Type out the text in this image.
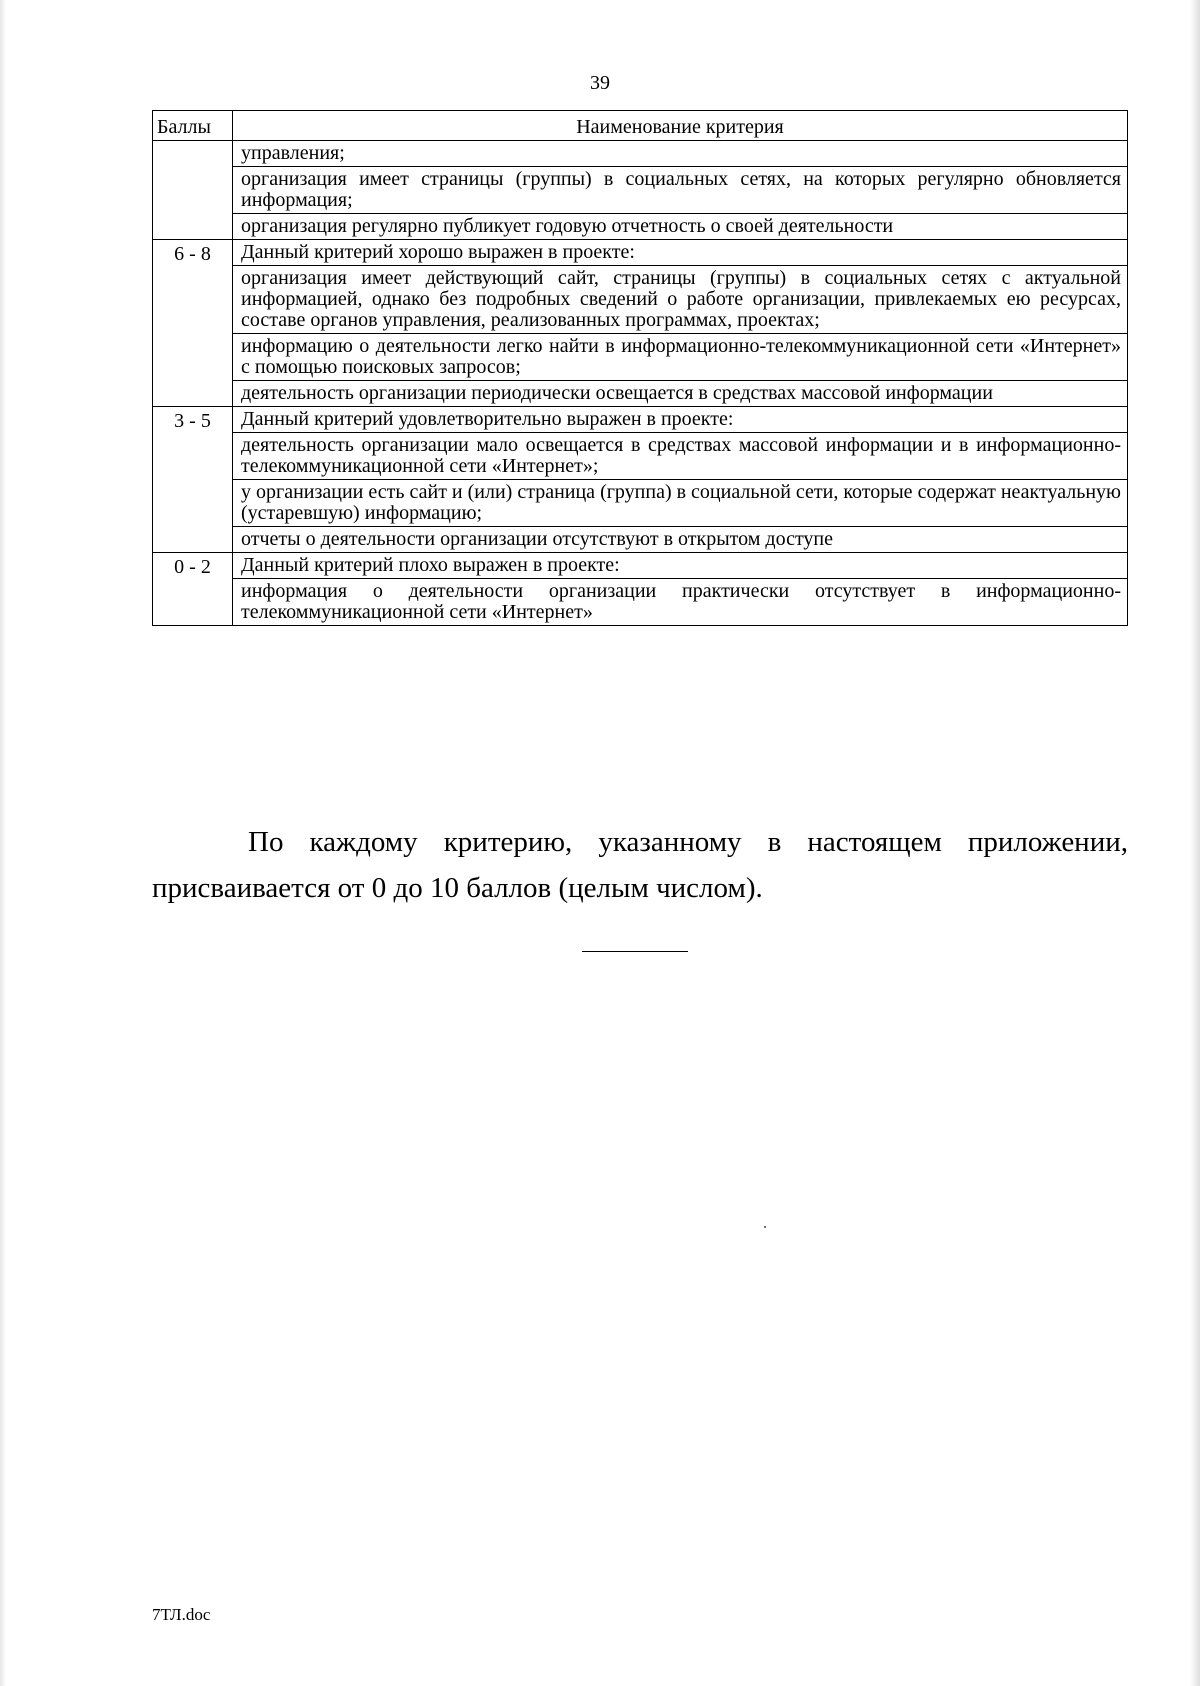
39
Баллы	Наименование критерия

	управления;
организация имеет страницы (группы) в социальных сетях, на которых регулярно обновляется информация;
организация регулярно публикует годовую отчетность о своей деятельности

6 - 8	Данный критерий хорошо выражен в проекте:
организация имеет действующий сайт, страницы (группы) в социальных сетях с актуальной информацией, однако без подробных сведений о работе организации, привлекаемых ею ресурсах, составе органов управления, реализованных программах, проектах;
информацию о деятельности легко найти в информационно-телекоммуникационной сети «Интернет» с помощью поисковых запросов;
деятельность организации периодически освещается в средствах массовой информации

3 - 5	Данный критерий удовлетворительно выражен в проекте:
деятельность организации мало освещается в средствах массовой информации и в информационно-телекоммуникационной сети «Интернет»;
у организации есть сайт и (или) страница (группа) в социальной сети, которые содержат неактуальную (устаревшую) информацию;
отчеты о деятельности организации отсутствуют в открытом доступе

0 - 2	Данный критерий плохо выражен в проекте:
информация о деятельности организации практически отсутствует в информационно-телекоммуникационной сети «Интернет»

По каждому критерию, указанному в настоящем приложении, присваивается от 0 до 10 баллов (целым числом).

7ТЛ.doc
